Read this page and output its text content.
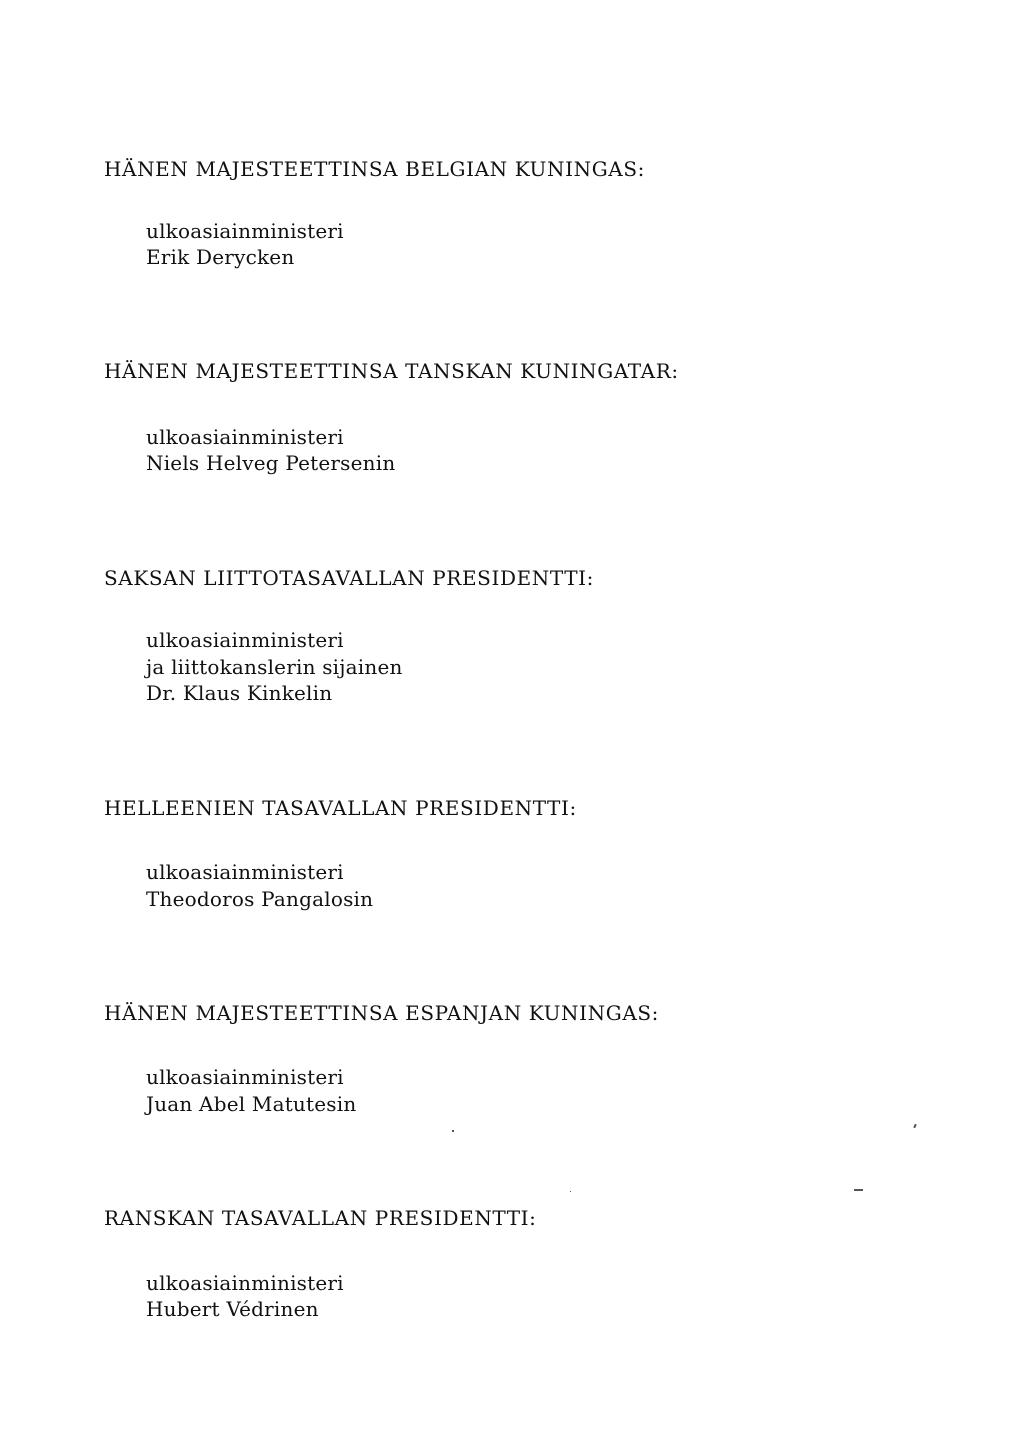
HÄNEN MAJESTEETTINSA BELGIAN KUNINGAS:
ulkoasiainministeri
Erik Derycken
HÄNEN MAJESTEETTINSA TANSKAN KUNINGATAR:
ulkoasiainministeri
Niels Helveg Petersenin
SAKSAN LIITTOTASAVALLAN PRESIDENTTI:
ulkoasiainministeri
ja liittokanslerin sijainen
Dr. Klaus Kinkelin
HELLEENIEN TASAVALLAN PRESIDENTTI:
ulkoasiainministeri
Theodoros Pangalosin
HÄNEN MAJESTEETTINSA ESPANJAN KUNINGAS:
ulkoasiainministeri
Juan Abel Matutesin
RANSKAN TASAVALLAN PRESIDENTTI:
ulkoasiainministeri
Hubert Védrinen
